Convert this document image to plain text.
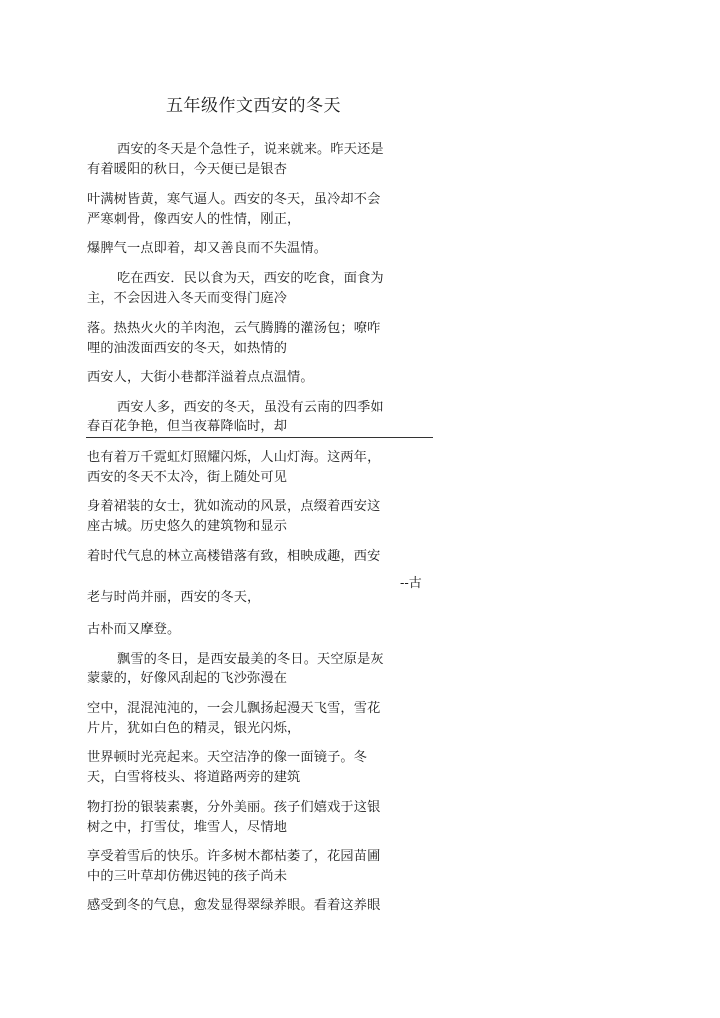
五年级作文西安的冬天
西安的冬天是个急性子，说来就来。昨天还是
有着暖阳的秋日，今天便已是银杏
叶满树皆黄，寒气逼人。西安的冬天，虽冷却不会
严寒刺骨，像西安人的性情，刚正，
爆脾气一点即着，却又善良而不失温情。
吃在西安．民以食为天，西安的吃食，面食为
主，不会因进入冬天而变得门庭冷
落。热热火火的羊肉泡，云气腾腾的灌汤包；嘹咋
哩的油泼面西安的冬天，如热情的
西安人，大街小巷都洋溢着点点温情。
西安人多，西安的冬天，虽没有云南的四季如
春百花争艳，但当夜幕降临时，却
也有着万千霓虹灯照耀闪烁，人山灯海。这两年，
西安的冬天不太冷，街上随处可见
身着裙装的女士，犹如流动的风景，点缀着西安这
座古城。历史悠久的建筑物和显示
着时代气息的林立高楼错落有致，相映成趣，西安
--古
老与时尚并丽，西安的冬天，
古朴而又摩登。
飘雪的冬日，是西安最美的冬日。天空原是灰
蒙蒙的，好像风刮起的飞沙弥漫在
空中，混混沌沌的，一会儿飘扬起漫天飞雪，雪花
片片，犹如白色的精灵，银光闪烁，
世界顿时光亮起来。天空洁净的像一面镜子。冬
天，白雪将枝头、将道路两旁的建筑
物打扮的银装素裹，分外美丽。孩子们嬉戏于这银
树之中，打雪仗，堆雪人，尽情地
享受着雪后的快乐。许多树木都枯萎了，花园苗圃
中的三叶草却仿佛迟钝的孩子尚未
感受到冬的气息，愈发显得翠绿养眼。看着这养眼
